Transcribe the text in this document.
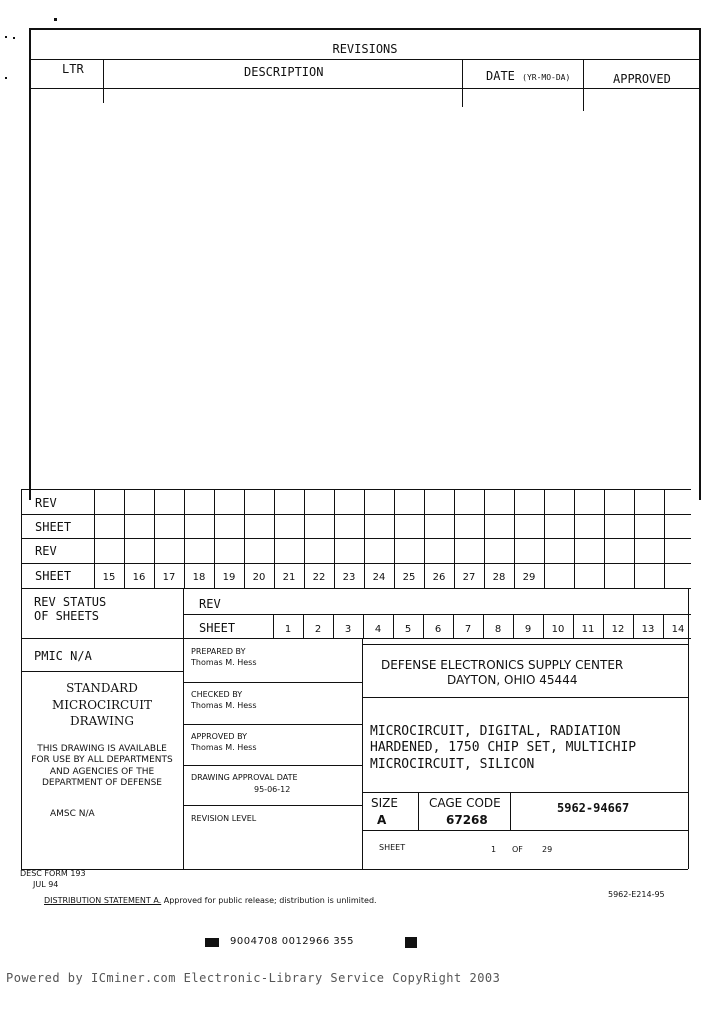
REVISIONS
LTR	DESCRIPTION	DATE (YR-MO-DA)	APPROVED
REV
SHEET
REV
SHEET	15	16	17	18	19	20	21	22	23	24	25	26	27	28	29
REV
SHEET	1	2	3	4	5	6	7	8	9	10	11	12	13	14
REV STATUS
OF SHEETS
PMIC N/A
STANDARD
MICROCIRCUIT
DRAWING
THIS DRAWING IS AVAILABLE
FOR USE BY ALL DEPARTMENTS
AND AGENCIES OF THE
DEPARTMENT OF DEFENSE
AMSC N/A
PREPARED BY
Thomas M. Hess
CHECKED BY
Thomas M. Hess
APPROVED BY
Thomas M. Hess
DRAWING APPROVAL DATE
95-06-12
REVISION LEVEL
DEFENSE ELECTRONICS SUPPLY CENTER
DAYTON, OHIO 45444
MICROCIRCUIT, DIGITAL, RADIATION
HARDENED, 1750 CHIP SET, MULTICHIP
MICROCIRCUIT, SILICON
SIZE
A
CAGE CODE
67268
5962-94667
SHEET	1 OF 29
DESC FORM 193
JUL 94
DISTRIBUTION STATEMENT A. Approved for public release; distribution is unlimited.
5962-E214-95
9004708 0012966 355
Powered by ICminer.com Electronic-Library Service CopyRight 2003
